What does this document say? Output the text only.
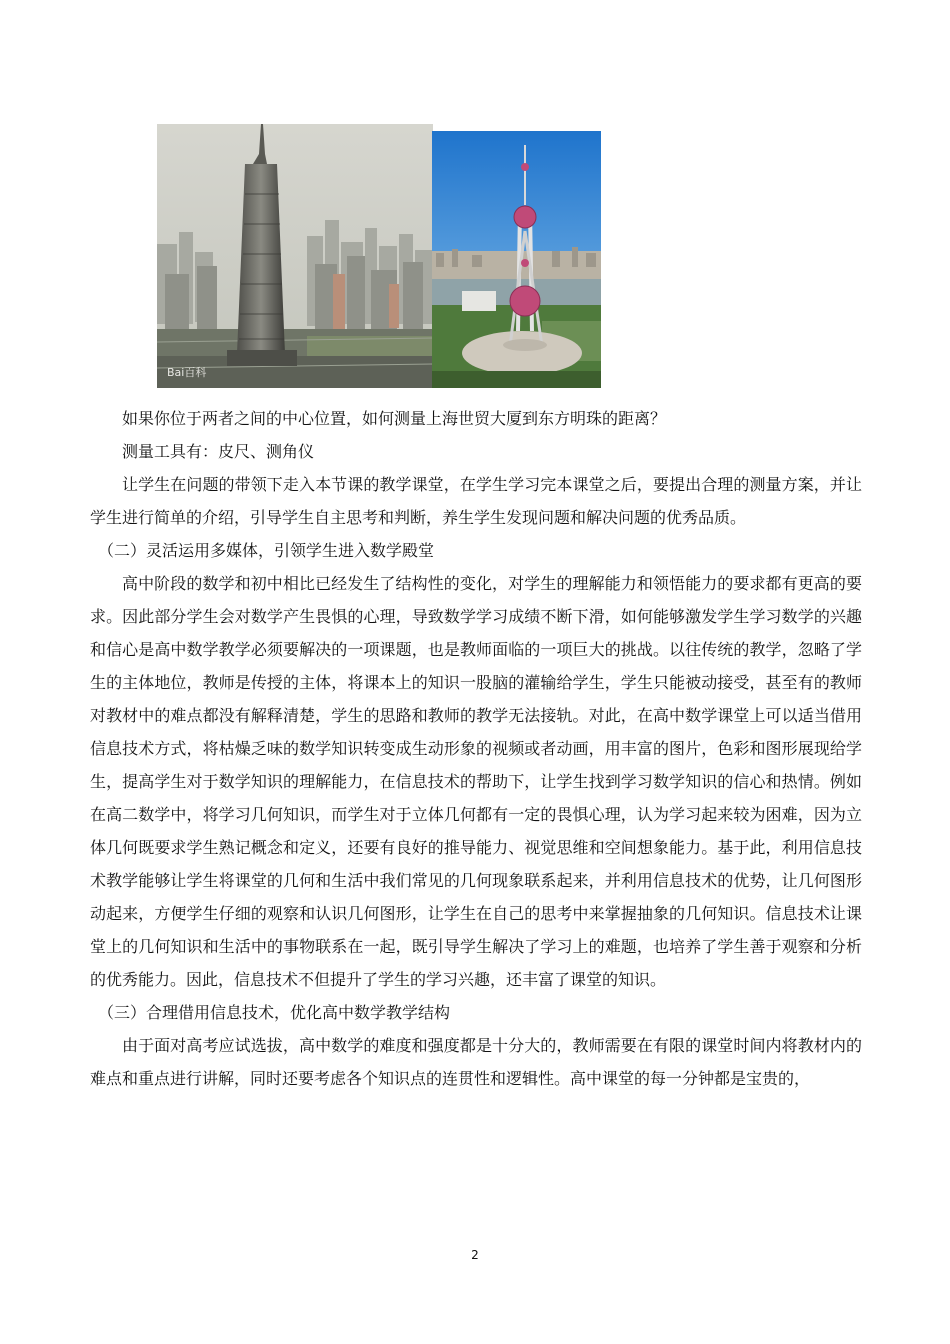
Bai百科

如果你位于两者之间的中心位置，如何测量上海世贸大厦到东方明珠的距离？

测量工具有：皮尺、测角仪

让学生在问题的带领下走入本节课的教学课堂，在学生学习完本课堂之后，要提出合理的测量方案，并让学生进行简单的介绍，引导学生自主思考和判断，养生学生发现问题和解决问题的优秀品质。

（二）灵活运用多媒体，引领学生进入数学殿堂

高中阶段的数学和初中相比已经发生了结构性的变化，对学生的理解能力和领悟能力的要求都有更高的要求。因此部分学生会对数学产生畏惧的心理，导致数学学习成绩不断下滑，如何能够激发学生学习数学的兴趣和信心是高中数学教学必须要解决的一项课题，也是教师面临的一项巨大的挑战。以往传统的教学，忽略了学生的主体地位，教师是传授的主体，将课本上的知识一股脑的灌输给学生，学生只能被动接受，甚至有的教师对教材中的难点都没有解释清楚，学生的思路和教师的教学无法接轨。对此，在高中数学课堂上可以适当借用信息技术方式，将枯燥乏味的数学知识转变成生动形象的视频或者动画，用丰富的图片，色彩和图形展现给学生，提高学生对于数学知识的理解能力，在信息技术的帮助下，让学生找到学习数学知识的信心和热情。例如在高二数学中，将学习几何知识，而学生对于立体几何都有一定的畏惧心理，认为学习起来较为困难，因为立体几何既要求学生熟记概念和定义，还要有良好的推导能力、视觉思维和空间想象能力。基于此，利用信息技术教学能够让学生将课堂的几何和生活中我们常见的几何现象联系起来，并利用信息技术的优势，让几何图形动起来，方便学生仔细的观察和认识几何图形，让学生在自己的思考中来掌握抽象的几何知识。信息技术让课堂上的几何知识和生活中的事物联系在一起，既引导学生解决了学习上的难题，也培养了学生善于观察和分析的优秀能力。因此，信息技术不但提升了学生的学习兴趣，还丰富了课堂的知识。

（三）合理借用信息技术，优化高中数学教学结构

由于面对高考应试选拔，高中数学的难度和强度都是十分大的，教师需要在有限的课堂时间内将教材内的难点和重点进行讲解，同时还要考虑各个知识点的连贯性和逻辑性。高中课堂的每一分钟都是宝贵的，

2
